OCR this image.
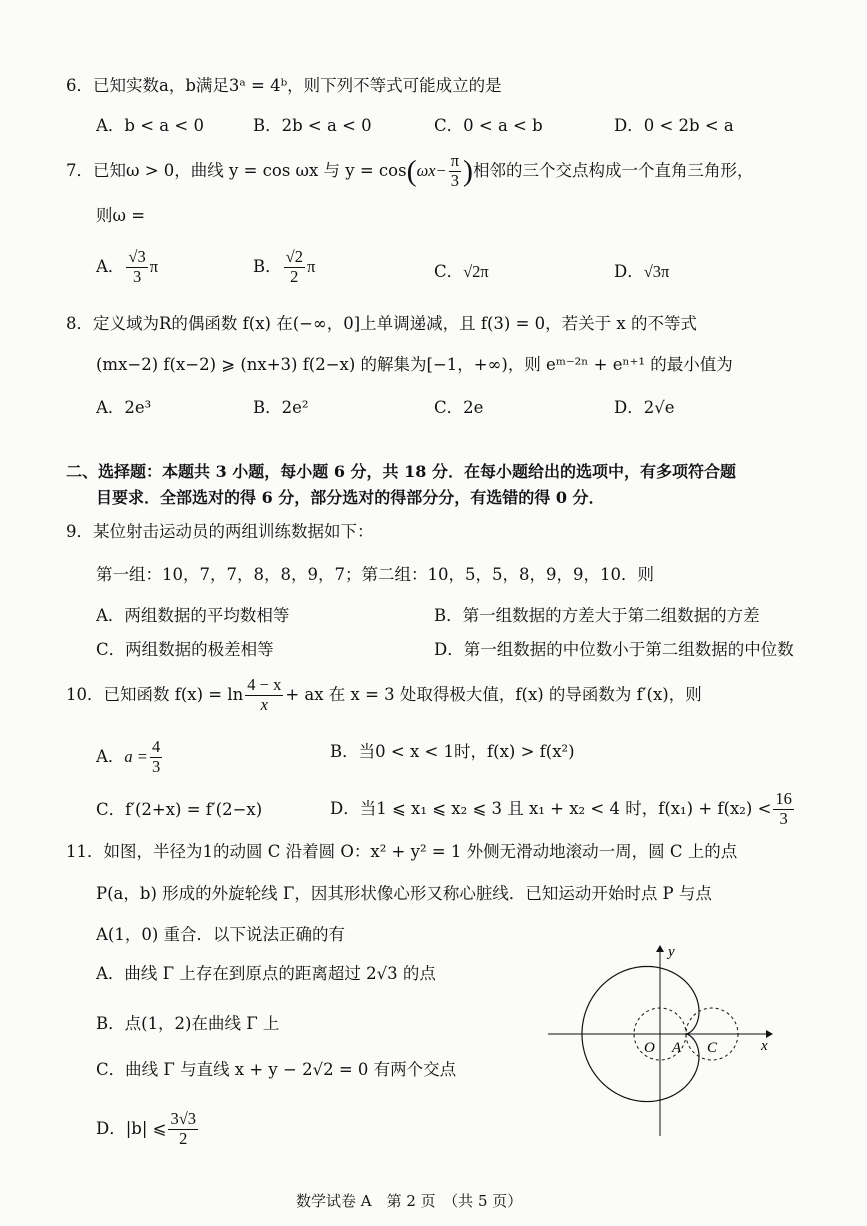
6．已知实数a，b满足3ᵃ = 4ᵇ，则下列不等式可能成立的是
A．b < a < 0	B．2b < a < 0	C．0 < a < b	D．0 < 2b < a
7．已知ω > 0，曲线 y = cos ωx 与 $y = \cos(\omega x- \frac{\pi}{3}$ )相邻的三个交点构成一个直角三角形，
则ω =
A． $\frac{√3}{3}$ π	B． $\frac{√2}{2}$ π	C．√2π	D．√3π
8．定义域为R的偶函数 f(x) 在(−∞，0]上单调递减，且 f(3) = 0，若关于 x 的不等式
(mx−2) f(x−2) ⩾ (nx+3) f(2−x) 的解集为[−1，+∞)，则 eᵐ⁻²ⁿ + eⁿ⁺¹ 的最小值为
A．2e³	B．2e²	C．2e	D．2√e
二、选择题：本题共 3 小题，每小题 6 分，共 18 分．在每小题给出的选项中，有多项符合题
目要求．全部选对的得 6 分，部分选对的得部分分，有选错的得 0 分．
9．某位射击运动员的两组训练数据如下：
第一组：10，7，7，8，8，9，7；第二组：10，5，5，8，9，9，10．则
A．两组数据的平均数相等	B．第一组数据的方差大于第二组数据的方差
C．两组数据的极差相等	D．第一组数据的中位数小于第二组数据的中位数
10．已知函数 $f(x) = \ln \frac{4 - x}{x}$ + ax 在 x = 3 处取得极大值，f(x) 的导函数为 f′(x)，则
A．$a = \frac{4}{3}$	B．当0 < x < 1时，f(x) > f(x²)
C．f′(2+x) = f′(2−x)	D．当1 ⩽ x₁ ⩽ x₂ ⩽ 3 且 x₁ + x₂ < 4 时，$f(x_1) + f(x_2) < \frac{16}{3}$
11．如图，半径为1的动圆 C 沿着圆 O：x² + y² = 1 外侧无滑动地滚动一周，圆 C 上的点
P(a，b) 形成的外旋轮线 Γ，因其形状像心形又称心脏线．已知运动开始时点 P 与点
A(1，0) 重合．以下说法正确的有
A．曲线 Γ 上存在到原点的距离超过 2√3 的点
B．点(1，2)在曲线 Γ 上
C．曲线 Γ 与直线 x + y − 2√2 = 0 有两个交点
D．|b| ⩽ $\frac{3√3}{2}$
y
x
O A C
数学试卷 A　第 2 页　（共 5 页）
